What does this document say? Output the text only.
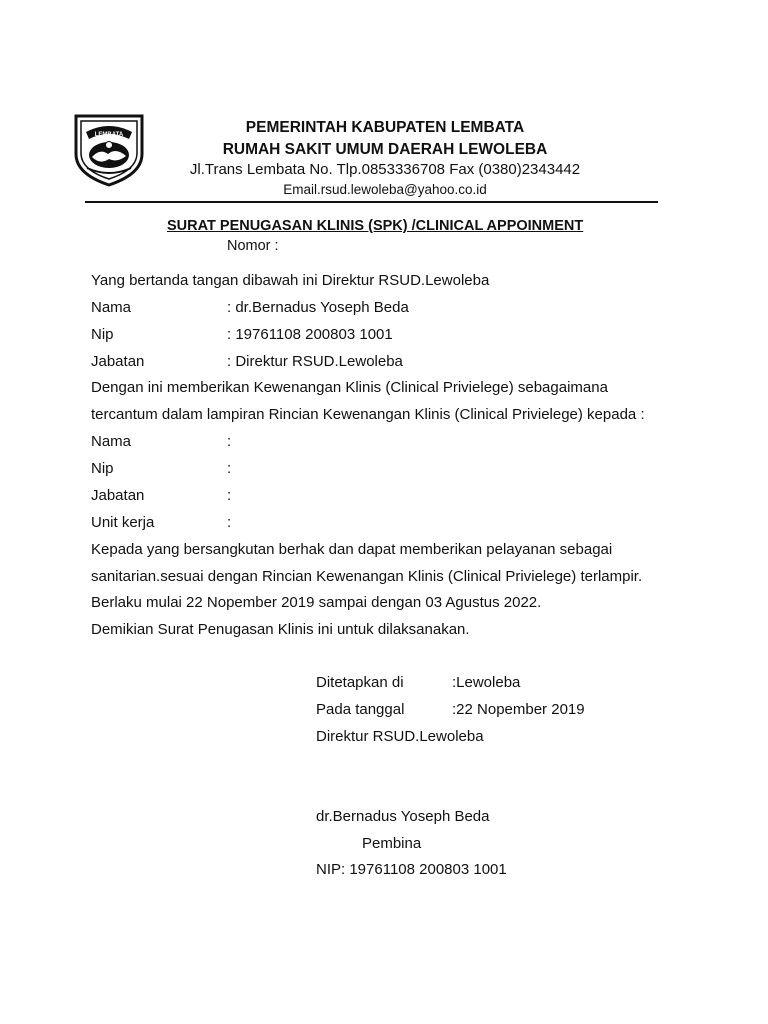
LEMBATA	PEMERINTAH KABUPATEN LEMBATA
RUMAH SAKIT UMUM DAERAH LEWOLEBA
Jl.Trans Lembata No. Tlp.0853336708 Fax (0380)2343442
Email.rsud.lewoleba@yahoo.co.id
SURAT PENUGASAN KLINIS (SPK) /CLINICAL APPOINMENT
Nomor :
Yang bertanda tangan dibawah ini Direktur RSUD.Lewoleba
Nama	: dr.Bernadus Yoseph Beda
Nip	: 19761108 200803 1001
Jabatan	: Direktur RSUD.Lewoleba
Dengan ini memberikan Kewenangan Klinis (Clinical Privielege) sebagaimana
tercantum dalam lampiran Rincian Kewenangan Klinis (Clinical Privielege) kepada :
Nama	:
Nip	:
Jabatan	:
Unit kerja	:
Kepada yang bersangkutan berhak dan dapat memberikan pelayanan sebagai
sanitarian.sesuai dengan Rincian Kewenangan Klinis (Clinical Privielege) terlampir.
Berlaku mulai 22 Nopember 2019 sampai dengan 03 Agustus 2022.
Demikian Surat Penugasan Klinis ini untuk dilaksanakan.
Ditetapkan di	:Lewoleba
Pada tanggal	:22 Nopember 2019
Direktur RSUD.Lewoleba
dr.Bernadus Yoseph Beda
Pembina
NIP: 19761108 200803 1001
